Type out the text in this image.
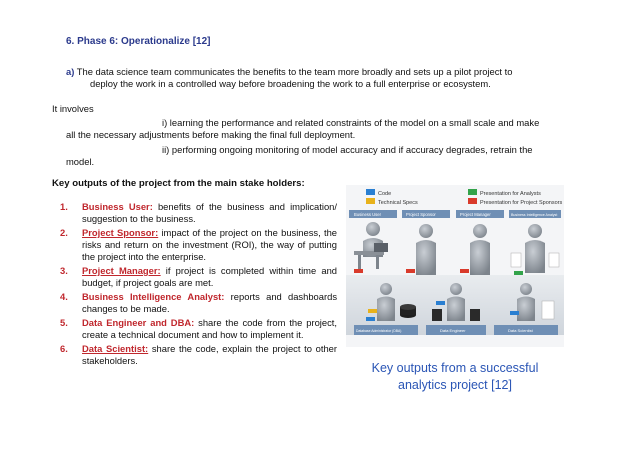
6. Phase 6: Operationalize [12]
a) The data science team communicates the benefits to the team more broadly and sets up a pilot project to
deploy the work in a controlled way before broadening the work to a full enterprise or ecosystem.
It involves
i) learning the performance and related constraints of the model on a small scale and make
all the necessary adjustments before making the final full deployment.
ii) performing ongoing monitoring of model accuracy and if accuracy degrades, retrain the
model.
Key outputs of the project from the main stake holders:
1. Business User: benefits of the business and implication/ suggestion to the business.
2. Project Sponsor: impact of the project on the business, the risks and return on the investment (ROI), the way of putting the project into the enterprise.
3. Project Manager: if project is completed within time and budget, if project goals are met.
4. Business Intelligence Analyst: reports and dashboards changes to be made.
5. Data Engineer and DBA: share the code from the project, create a technical document and how to implement it.
6. Data Scientist: share the code, explain the project to other stakeholders.
Code
Technical Specs
Presentation for Analysts
Presentation for Project Sponsors
Business User	Project Sponsor	Project Manager	Business Intelligence Analyst
Database Administrator (DBA)	Data Engineer	Data Scientist
Key outputs from a successful
analytics project [12]
